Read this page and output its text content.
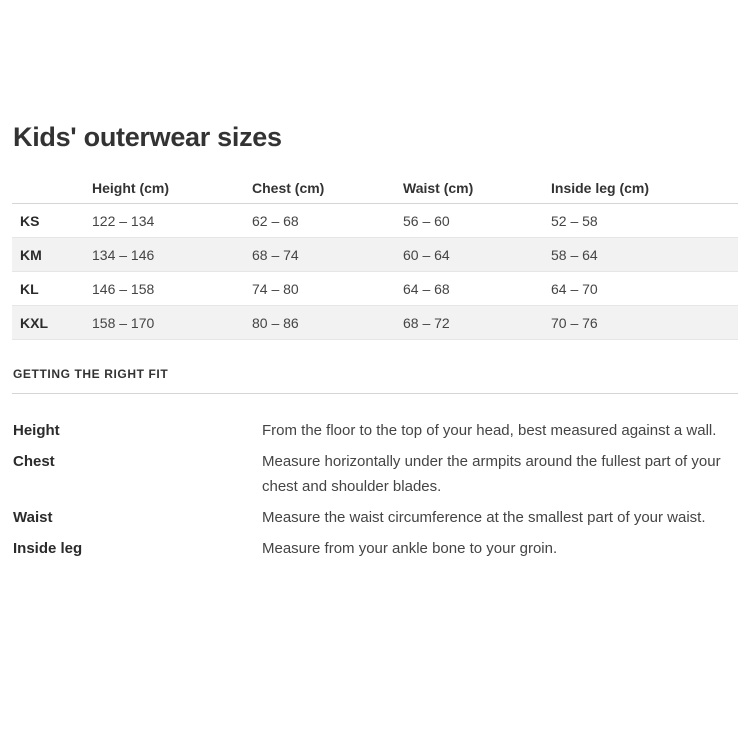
Kids' outerwear sizes
	Height (cm)	Chest (cm)	Waist (cm)	Inside leg (cm)
KS	122 – 134	62 – 68	56 – 60	52 – 58
KM	134 – 146	68 – 74	60 – 64	58 – 64
KL	146 – 158	74 – 80	64 – 68	64 – 70
KXL	158 – 170	80 – 86	68 – 72	70 – 76
GETTING THE RIGHT FIT
Height	From the floor to the top of your head, best measured against a wall.
Chest	Measure horizontally under the armpits around the fullest part of your chest and shoulder blades.
Waist	Measure the waist circumference at the smallest part of your waist.
Inside leg	Measure from your ankle bone to your groin.
